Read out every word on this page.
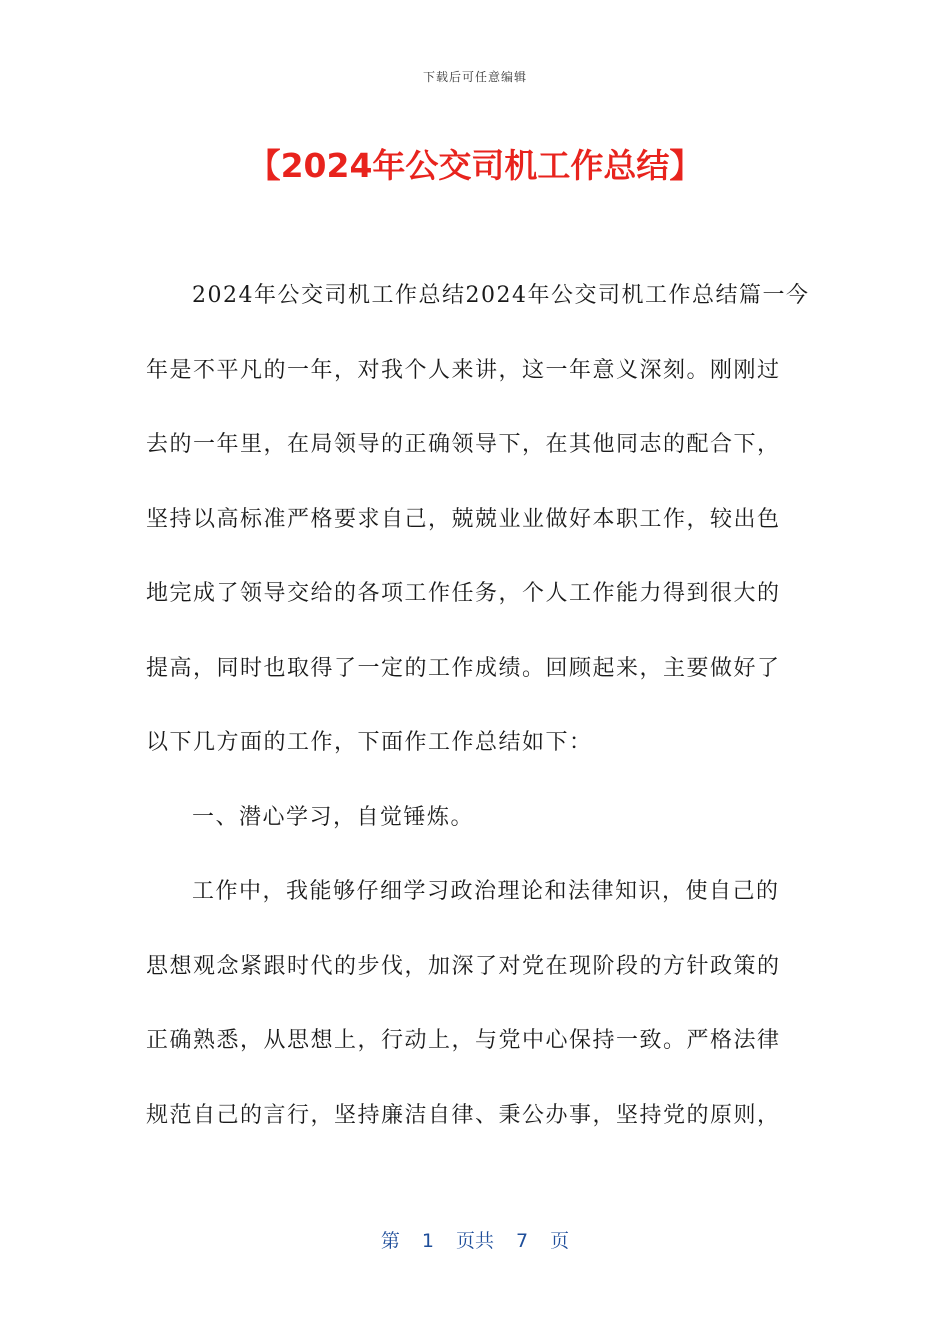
下载后可任意编辑
【2024年公交司机工作总结】
2024年公交司机工作总结2024年公交司机工作总结篇一今
年是不平凡的一年，对我个人来讲，这一年意义深刻。刚刚过
去的一年里，在局领导的正确领导下，在其他同志的配合下，
坚持以高标准严格要求自己，兢兢业业做好本职工作，较出色
地完成了领导交给的各项工作任务，个人工作能力得到很大的
提高，同时也取得了一定的工作成绩。回顾起来，主要做好了
以下几方面的工作，下面作工作总结如下：
一、潜心学习，自觉锤炼。
工作中，我能够仔细学习政治理论和法律知识，使自己的
思想观念紧跟时代的步伐，加深了对党在现阶段的方针政策的
正确熟悉，从思想上，行动上，与党中心保持一致。严格法律
规范自己的言行，坚持廉洁自律、秉公办事，坚持党的原则，
第 1 页共 7 页
